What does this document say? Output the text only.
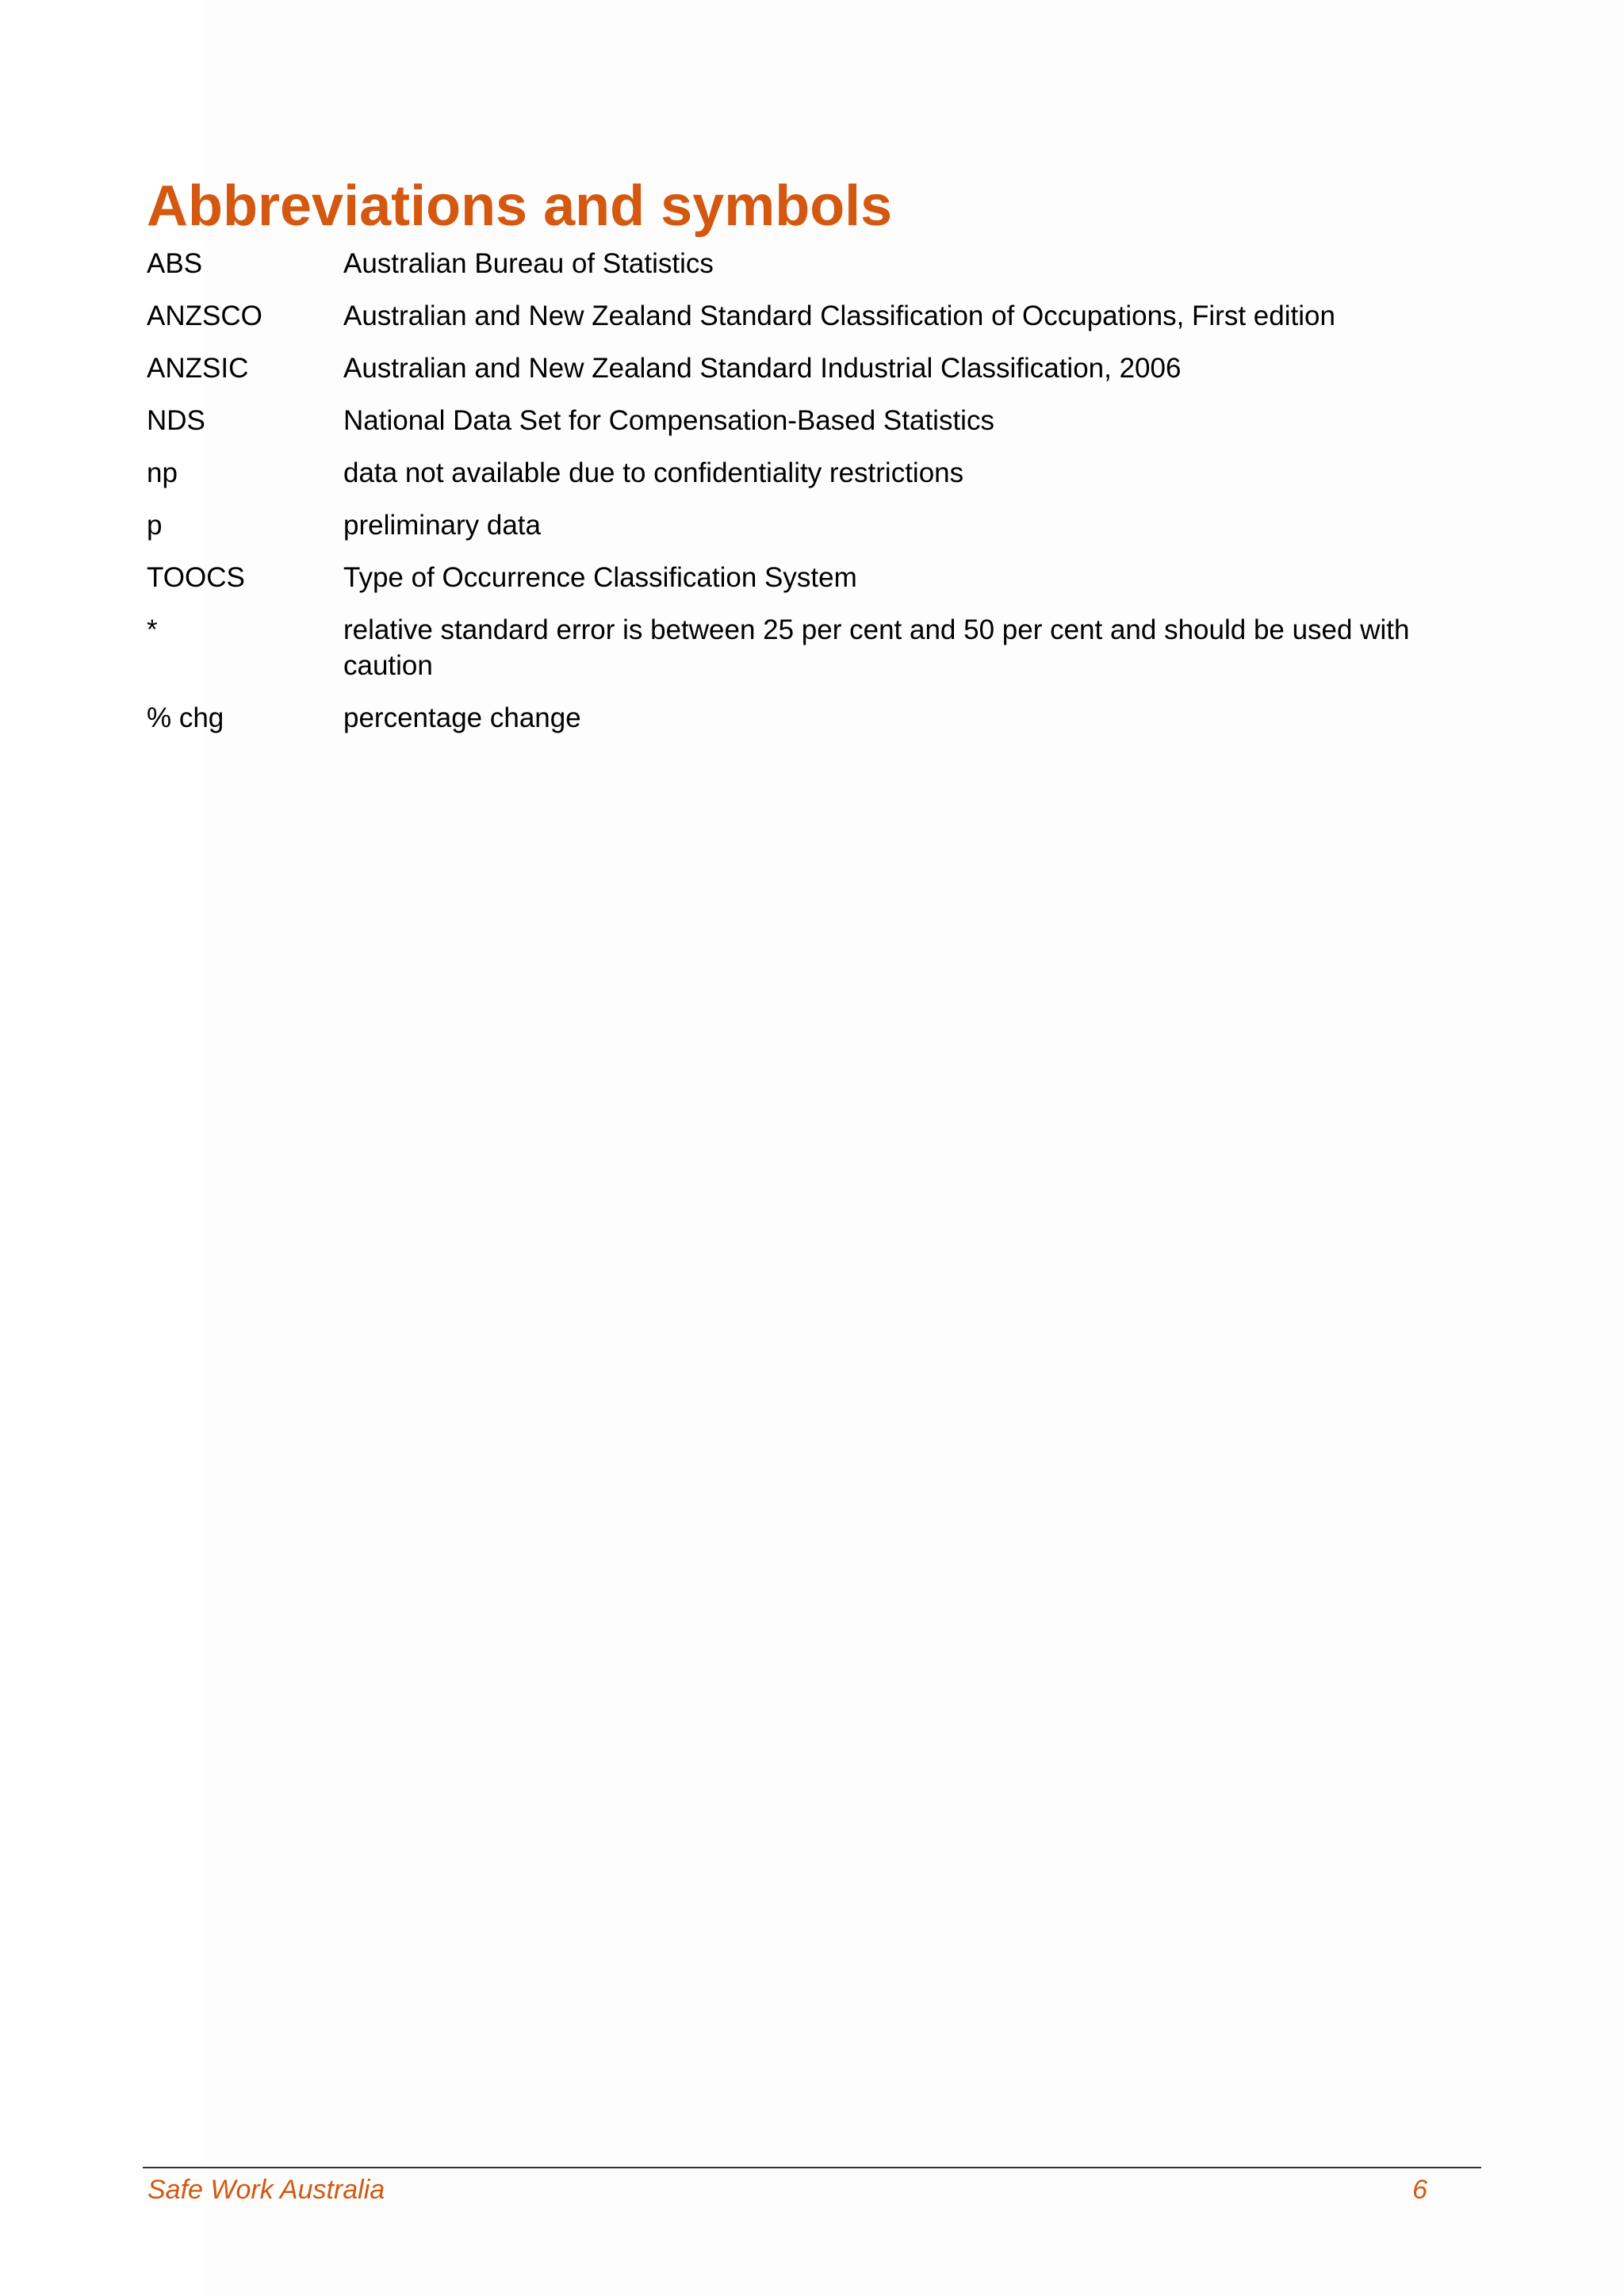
Abbreviations and symbols
ABS	Australian Bureau of Statistics
ANZSCO	Australian and New Zealand Standard Classification of Occupations, First edition
ANZSIC	Australian and New Zealand Standard Industrial Classification, 2006
NDS	National Data Set for Compensation-Based Statistics
np	data not available due to confidentiality restrictions
p	preliminary data
TOOCS	Type of Occurrence Classification System
*	relative standard error is between 25 per cent and 50 per cent and should be used with caution
% chg	percentage change
Safe Work Australia	6
